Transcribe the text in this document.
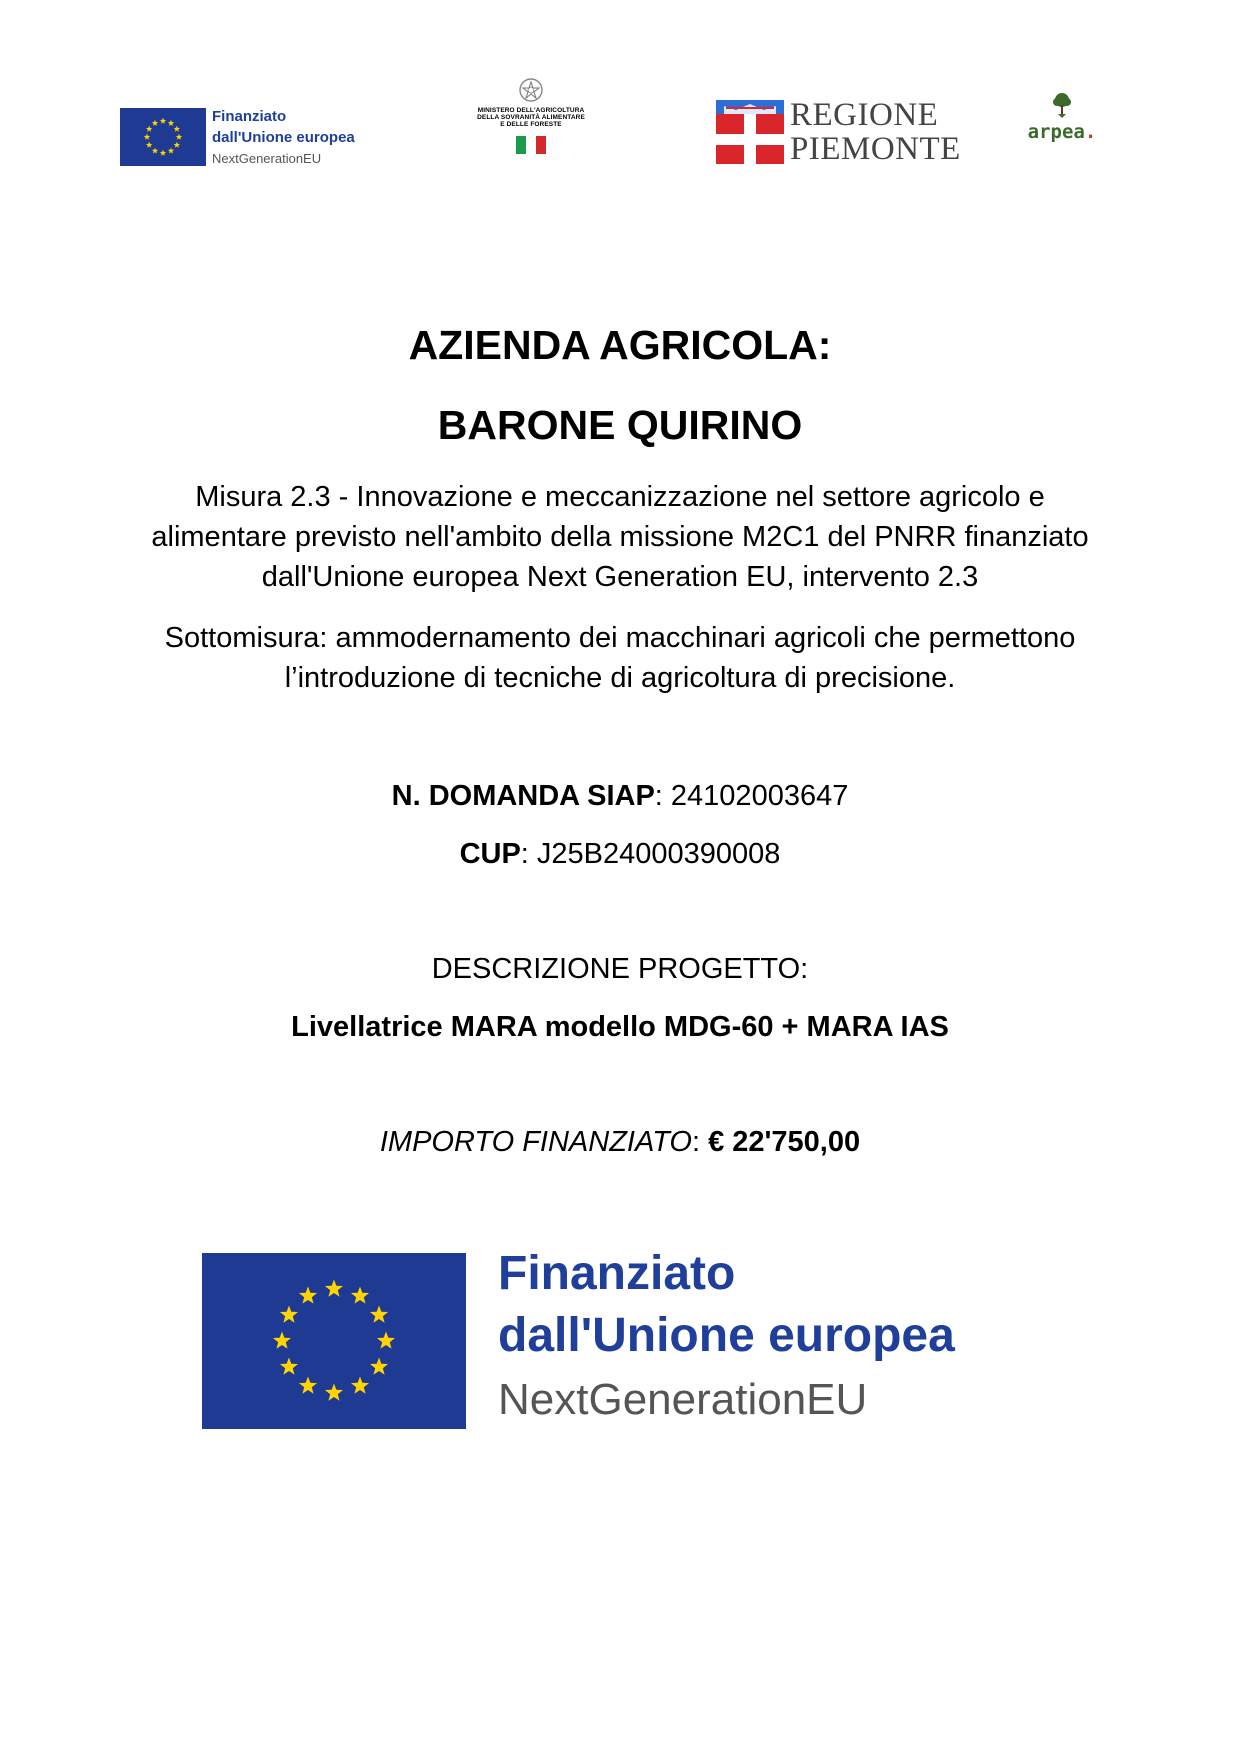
Finanziato
dall'Unione europea
NextGenerationEU
MINISTERO DELL'AGRICOLTURA
DELLA SOVRANITÀ ALIMENTARE
E DELLE FORESTE	REGIONE
PIEMONTE	arpea.
AZIENDA AGRICOLA:
BARONE QUIRINO
Misura 2.3 - Innovazione e meccanizzazione nel settore agricolo e
alimentare previsto nell'ambito della missione M2C1 del PNRR finanziato
dall'Unione europea Next Generation EU, intervento 2.3
Sottomisura: ammodernamento dei macchinari agricoli che permettono
l’introduzione di tecniche di agricoltura di precisione.
N. DOMANDA SIAP: 24102003647
CUP: J25B24000390008
DESCRIZIONE PROGETTO:
Livellatrice MARA modello MDG-60 + MARA IAS
IMPORTO FINANZIATO: € 22'750,00
Finanziato
dall'Unione europea
NextGenerationEU
